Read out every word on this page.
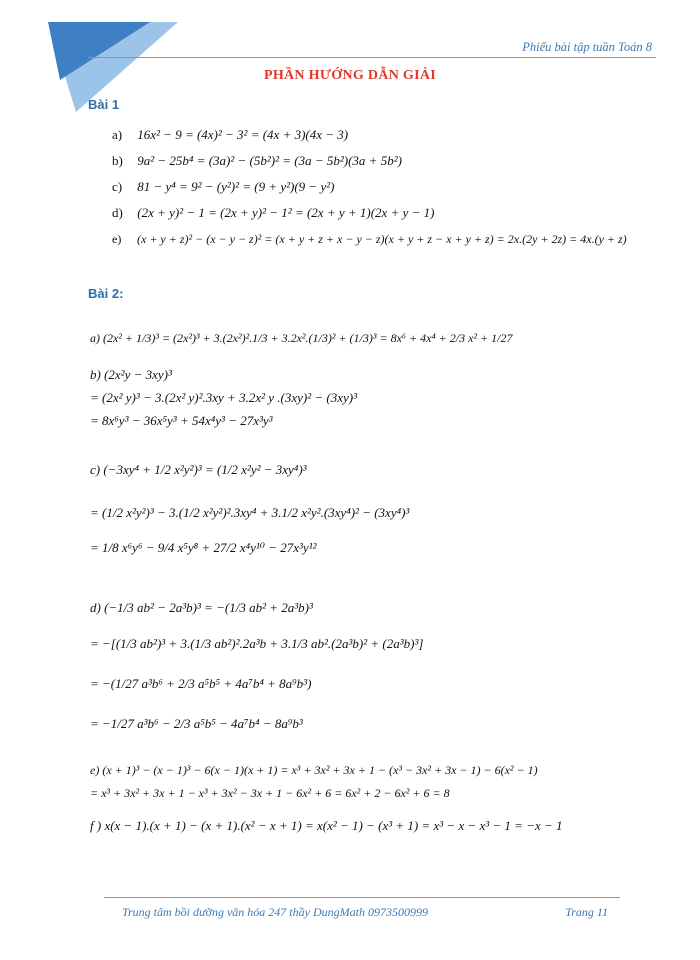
Phiếu bài tập tuần Toán 8
PHẦN HƯỚNG DẪN GIẢI
Bài 1
a) 16x² − 9 = (4x)² − 3² = (4x + 3)(4x − 3)
b) 9a² − 25b⁴ = (3a)² − (5b²)² = (3a − 5b²)(3a + 5b²)
c) 81 − y⁴ = 9² − (y²)² = (9 + y²)(9 − y²)
d) (2x + y)² − 1 = (2x + y)² − 1² = (2x + y + 1)(2x + y − 1)
e) (x + y + z)² − (x − y − z)² = (x + y + z + x − y − z)(x + y + z − x + y + z) = 2x.(2y + 2z) = 4x.(y + z)
Bài 2:
a) (2x² + 1/3)³ = (2x²)³ + 3.(2x²)².1/3 + 3.2x².(1/3)² + (1/3)³ = 8x⁶ + 4x⁴ + 2/3 x² + 1/27
b) (2x²y − 3xy)³
= (2x² y)³ − 3.(2x² y)².3xy + 3.2x² y .(3xy)² − (3xy)³
= 8x⁶y³ − 36x⁵y³ + 54x⁴y³ − 27x³y³
c) (−3xy⁴ + 1/2 x²y²)³ = (1/2 x²y² − 3xy⁴)³
= (1/2 x²y²)³ − 3.(1/2 x²y²)².3xy⁴ + 3.1/2 x²y².(3xy⁴)² − (3xy⁴)³
= 1/8 x⁶y⁶ − 9/4 x⁵y⁸ + 27/2 x⁴y¹⁰ − 27x³y¹²
d) (−1/3 ab² − 2a³b)³ = −(1/3 ab² + 2a³b)³
= −[(1/3 ab²)³ + 3.(1/3 ab²)².2a³b + 3.1/3 ab².(2a³b)² + (2a³b)³]
= −(1/27 a³b⁶ + 2/3 a⁵b⁵ + 4a⁷b⁴ + 8a⁹b³)
= −1/27 a³b⁶ − 2/3 a⁵b⁵ − 4a⁷b⁴ − 8a⁹b³
e) (x + 1)³ − (x − 1)³ − 6(x − 1)(x + 1) = x³ + 3x² + 3x + 1 − (x³ − 3x² + 3x − 1) − 6(x² − 1)
= x³ + 3x² + 3x + 1 − x³ + 3x² − 3x + 1 − 6x² + 6 = 6x² + 2 − 6x² + 6 = 8
f ) x(x − 1).(x + 1) − (x + 1).(x² − x + 1) = x(x² − 1) − (x³ + 1) = x³ − x − x³ − 1 = −x − 1
Trung tâm bồi dưỡng văn hóa 247 thầy DungMath 0973500999	Trang 11
